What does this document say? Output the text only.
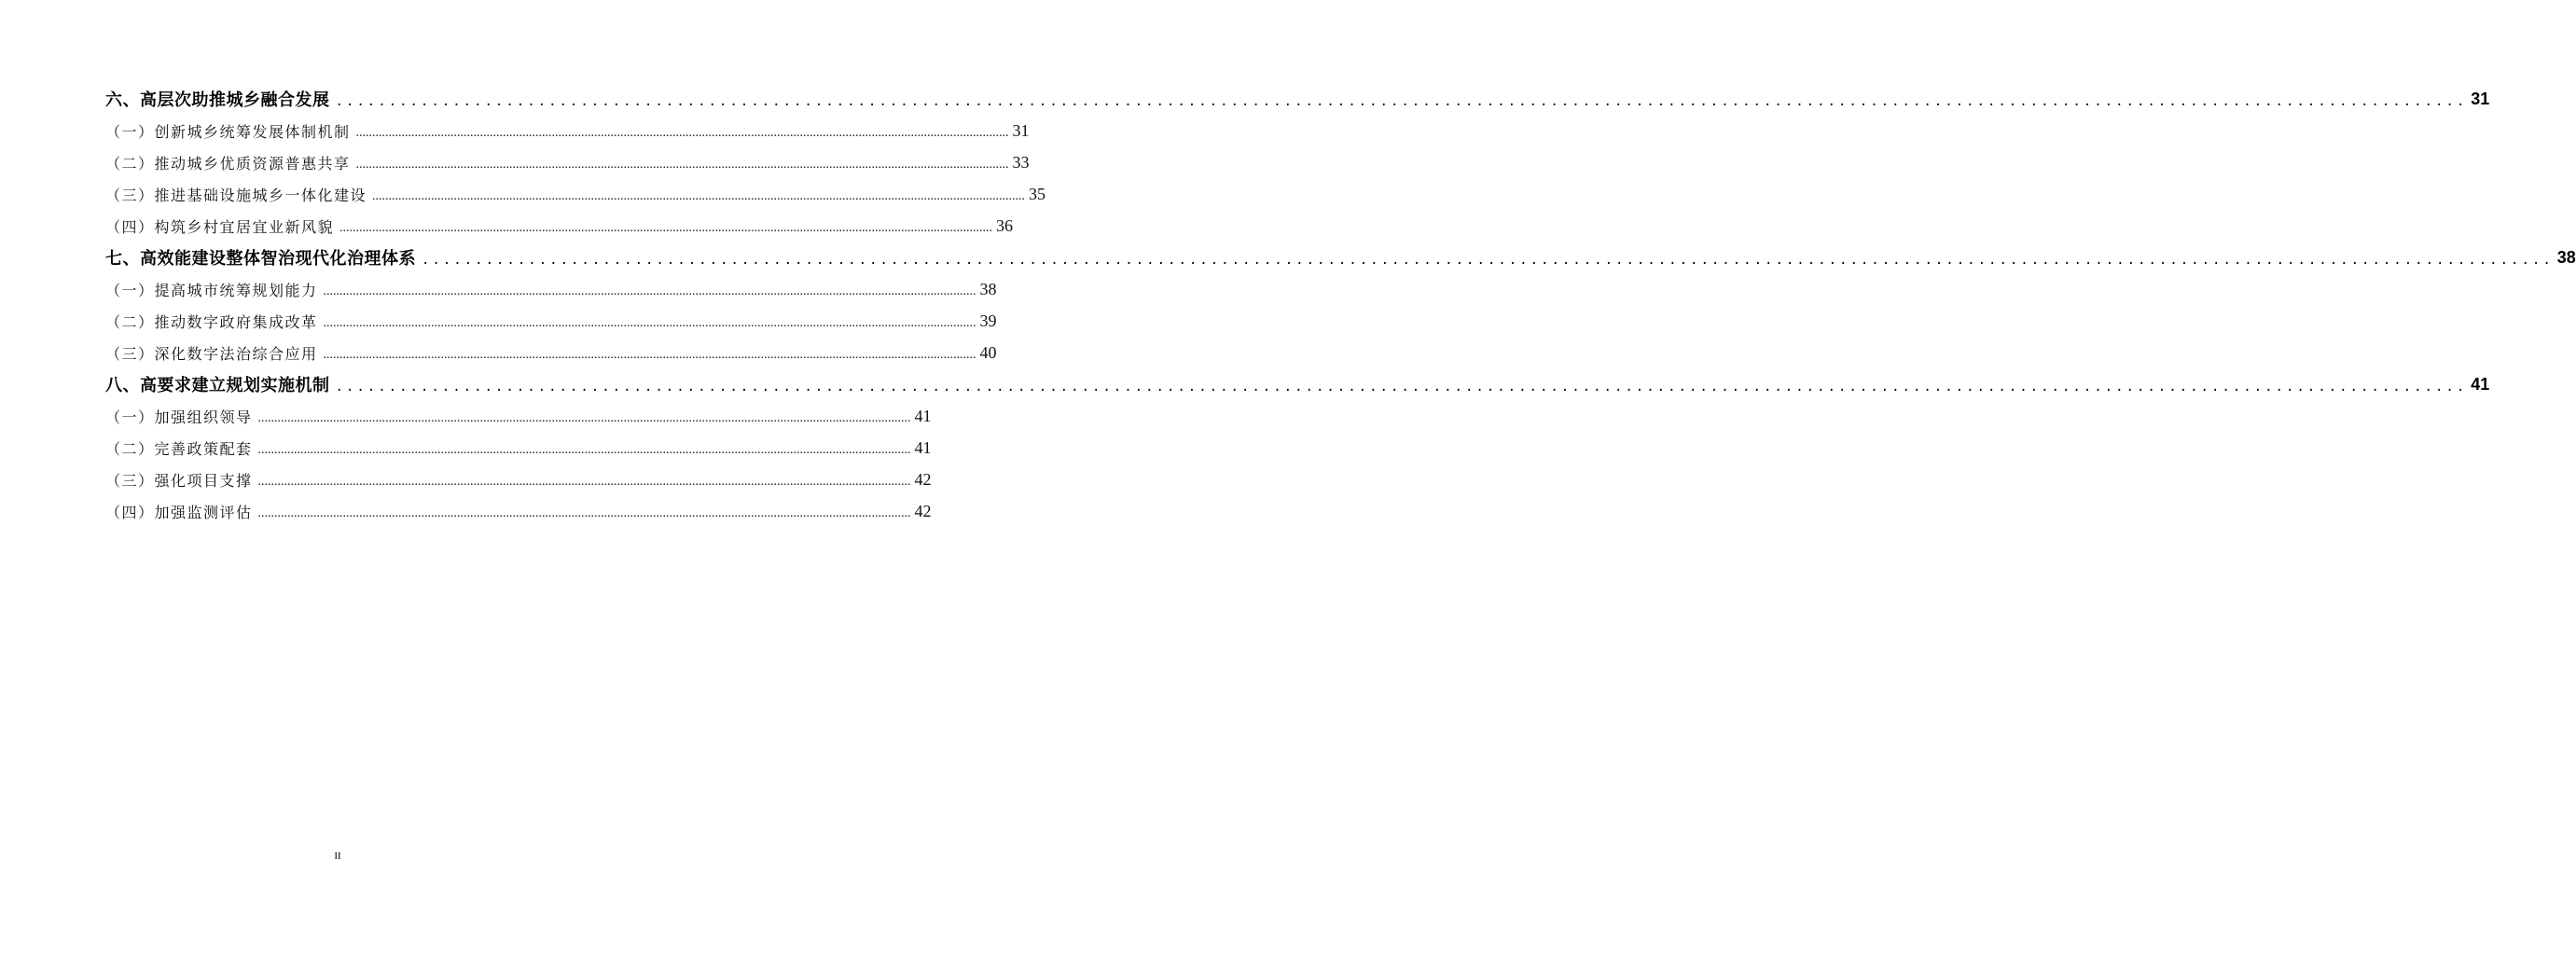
六、高层次助推城乡融合发展 ........................................................................................................................................................................................................ 31
（一）创新城乡统筹发展体制机制 ........................................................................................................................................................................................................ 31
（二）推动城乡优质资源普惠共享 ........................................................................................................................................................................................................ 33
（三）推进基础设施城乡一体化建设 ........................................................................................................................................................................................................ 35
（四）构筑乡村宜居宜业新风貌 ........................................................................................................................................................................................................ 36
七、高效能建设整体智治现代化治理体系 ........................................................................................................................................................................................................ 38
（一）提高城市统筹规划能力 ........................................................................................................................................................................................................ 38
（二）推动数字政府集成改革 ........................................................................................................................................................................................................ 39
（三）深化数字法治综合应用 ........................................................................................................................................................................................................ 40
八、高要求建立规划实施机制 ........................................................................................................................................................................................................ 41
（一）加强组织领导 ........................................................................................................................................................................................................ 41
（二）完善政策配套 ........................................................................................................................................................................................................ 41
（三）强化项目支撑 ........................................................................................................................................................................................................ 42
（四）加强监测评估 ........................................................................................................................................................................................................ 42
II
